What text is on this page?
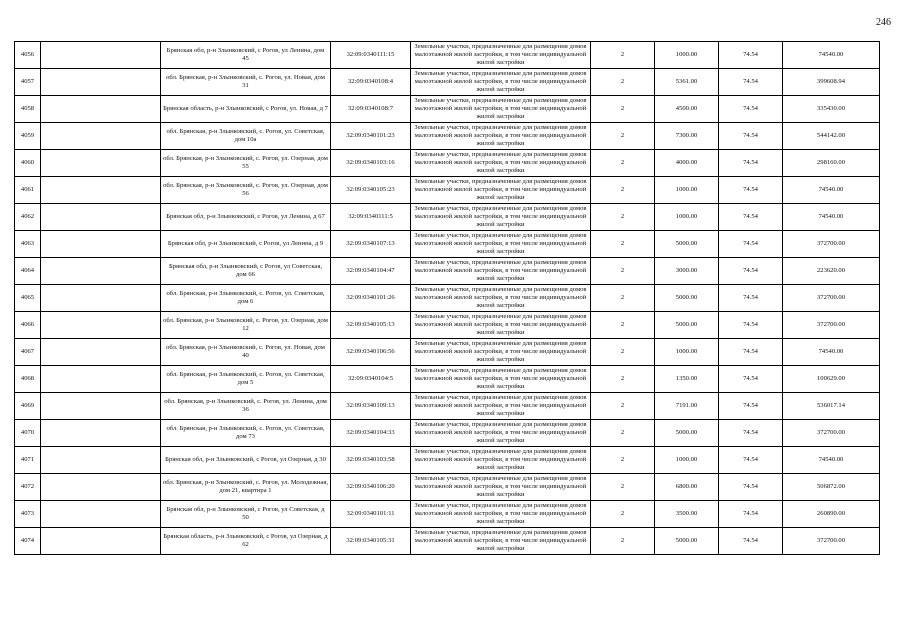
246
4056		Брянская обл, р-н Злынковский, с Рогов, ул Ленина, дом 45	32:09:0340111:15	Земельные участки, предназначенные для размещения домов малоэтажной жилой застройки, в том числе индивидуальной жилой застройки	2	1000.00	74.54	74540.00
4057		обл. Брянская, р-н Злынковский, с. Рогов, ул. Новая, дом 31	32:09:0340108:4	Земельные участки, предназначенные для размещения домов малоэтажной жилой застройки, в том числе индивидуальной жилой застройки	2	5361.00	74.54	399608.94
4058		Брянская область, р-н Злынковский, с Рогов, ул. Новая, д 7	32:09:0340108:7	Земельные участки, предназначенные для размещения домов малоэтажной жилой застройки, в том числе индивидуальной жилой застройки	2	4500.00	74.54	335430.00
4059		обл. Брянская, р-н Злынковский, с. Рогов, ул. Советская, дом 10а	32:09:0340101:23	Земельные участки, предназначенные для размещения домов малоэтажной жилой застройки, в том числе индивидуальной жилой застройки	2	7300.00	74.54	544142.00
4060		обл. Брянская, р-н Злынковский, с. Рогов, ул. Озерная, дом 55	32:09:0340103:16	Земельные участки, предназначенные для размещения домов малоэтажной жилой застройки, в том числе индивидуальной жилой застройки	2	4000.00	74.54	298160.00
4061		обл. Брянская, р-н Злынковский, с. Рогов, ул. Озерная, дом 56	32:09:0340105:23	Земельные участки, предназначенные для размещения домов малоэтажной жилой застройки, в том числе индивидуальной жилой застройки	2	1000.00	74.54	74540.00
4062		Брянская обл, р-н Злынковский, с Рогов, ул Ленина, д 67	32:09:0340111:5	Земельные участки, предназначенные для размещения домов малоэтажной жилой застройки, в том числе индивидуальной жилой застройки	2	1000.00	74.54	74540.00
4063		Брянская обл, р-н Злынковский, с Рогов, ул Ленина, д 9	32:09:0340107:13	Земельные участки, предназначенные для размещения домов малоэтажной жилой застройки, в том числе индивидуальной жилой застройки	2	5000.00	74.54	372700.00
4064		Брянская обл, р-н Злынковский, с Рогов, ул Советская, дом 66	32:09:0340104:47	Земельные участки, предназначенные для размещения домов малоэтажной жилой застройки, в том числе индивидуальной жилой застройки	2	3000.00	74.54	223620.00
4065		обл. Брянская, р-н Злынковский, с. Рогов, ул. Советская, дом 6	32:09:0340101:26	Земельные участки, предназначенные для размещения домов малоэтажной жилой застройки, в том числе индивидуальной жилой застройки	2	5000.00	74.54	372700.00
4066		обл. Брянская, р-н Злынковский, с. Рогов, ул. Озерная, дом 12	32:09:0340105:13	Земельные участки, предназначенные для размещения домов малоэтажной жилой застройки, в том числе индивидуальной жилой застройки	2	5000.00	74.54	372700.00
4067		обл. Брянская, р-н Злынковский, с. Рогов, ул. Новая, дом 40	32:09:0340106:56	Земельные участки, предназначенные для размещения домов малоэтажной жилой застройки, в том числе индивидуальной жилой застройки	2	1000.00	74.54	74540.00
4068		обл. Брянская, р-н Злынковский, с. Рогов, ул. Советская, дом 5	32:09:0340104:5	Земельные участки, предназначенные для размещения домов малоэтажной жилой застройки, в том числе индивидуальной жилой застройки	2	1350.00	74.54	100629.00
4069		обл. Брянская, р-н Злынковский, с. Рогов, ул. Ленина, дом 36	32:09:0340109:13	Земельные участки, предназначенные для размещения домов малоэтажной жилой застройки, в том числе индивидуальной жилой застройки	2	7191.00	74.54	536017.14
4070		обл. Брянская, р-н Злынковский, с. Рогов, ул. Советская, дом 73	32:09:0340104:33	Земельные участки, предназначенные для размещения домов малоэтажной жилой застройки, в том числе индивидуальной жилой застройки	2	5000.00	74.54	372700.00
4071		Брянская обл, р-н Злынковский, с Рогов, ул Озерная, д 30	32:09:0340103:58	Земельные участки, предназначенные для размещения домов малоэтажной жилой застройки, в том числе индивидуальной жилой застройки	2	1000.00	74.54	74540.00
4072		обл. Брянская, р-н Злынковский, с. Рогов, ул. Молодежная, дом 21, квартира 1	32:09:0340106:20	Земельные участки, предназначенные для размещения домов малоэтажной жилой застройки, в том числе индивидуальной жилой застройки	2	6800.00	74.54	506872.00
4073		Брянская обл, р-н Злынковский, с Рогов, ул Советская, д 50	32:09:0340101:11	Земельные участки, предназначенные для размещения домов малоэтажной жилой застройки, в том числе индивидуальной жилой застройки	2	3500.00	74.54	260890.00
4074		Брянская область, р-н Злынковский, с Рогов, ул Озерная, д 62	32:09:0340105:31	Земельные участки, предназначенные для размещения домов малоэтажной жилой застройки, в том числе индивидуальной жилой застройки	2	5000.00	74.54	372700.00
